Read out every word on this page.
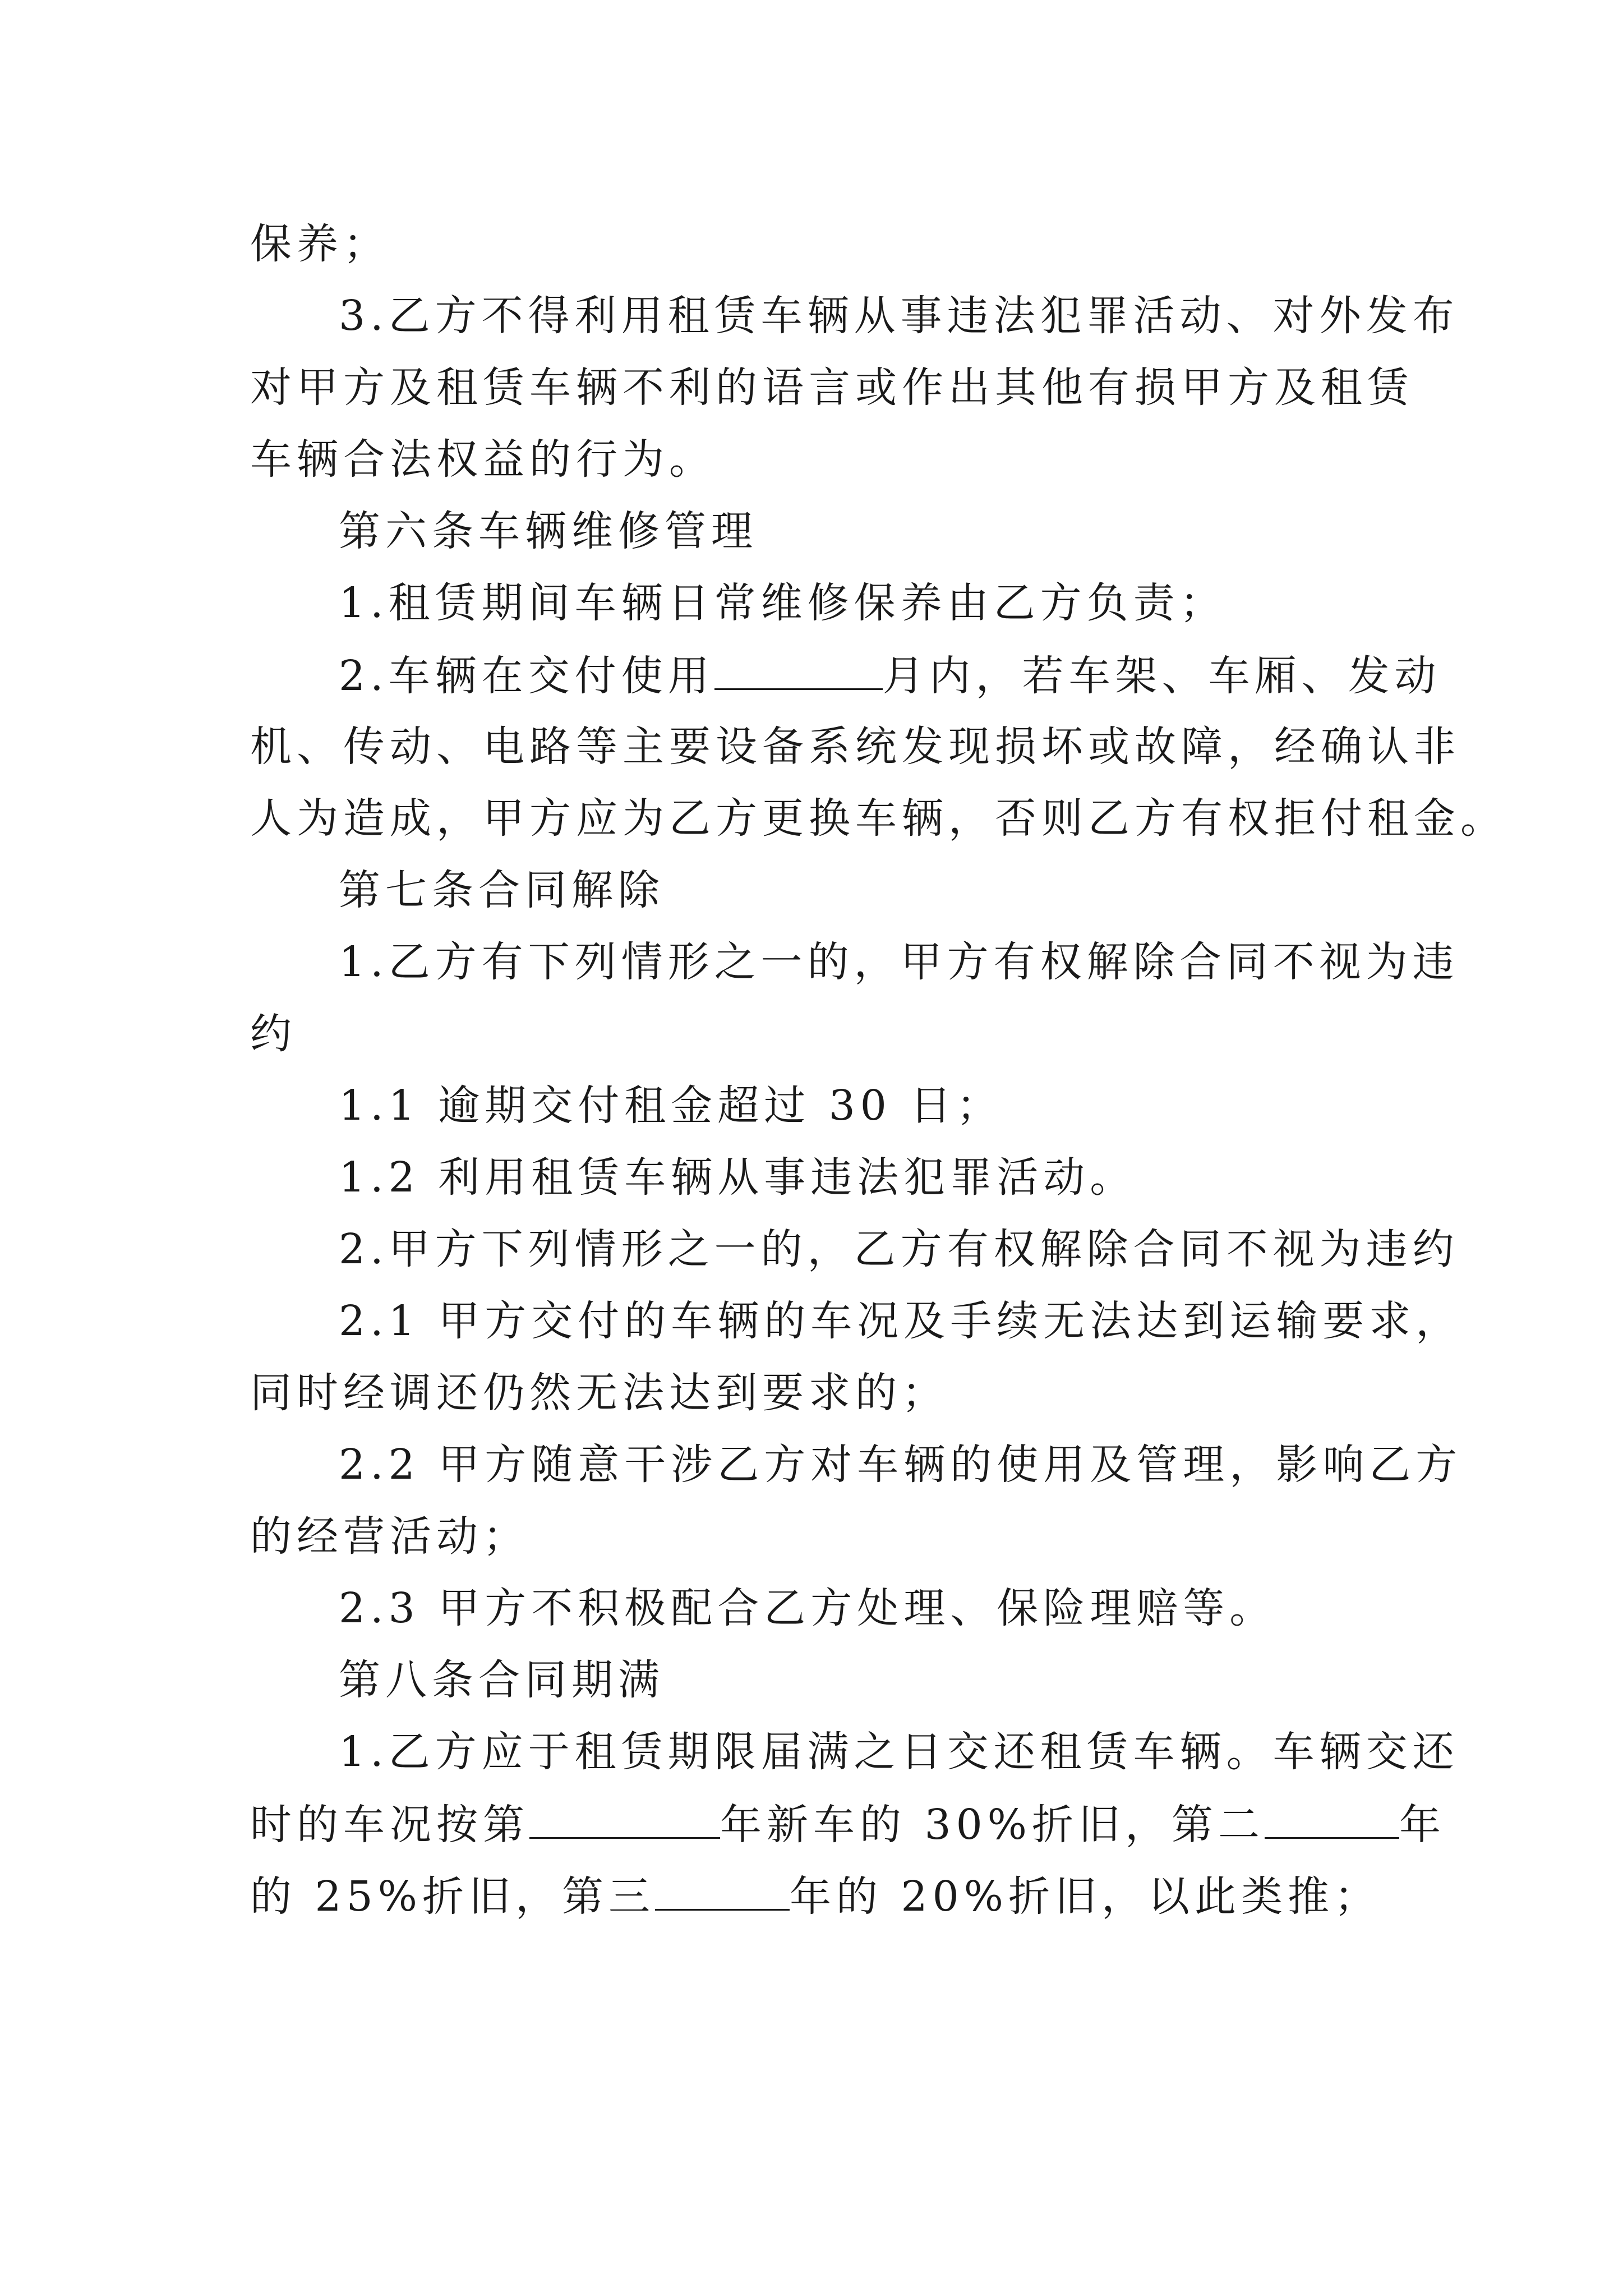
保养；
3.乙方不得利用租赁车辆从事违法犯罪活动、对外发布
对甲方及租赁车辆不利的语言或作出其他有损甲方及租赁
车辆合法权益的行为。
第六条车辆维修管理
1.租赁期间车辆日常维修保养由乙方负责；
2.车辆在交付使用	月内，若车架、车厢、发动
机、传动、电路等主要设备系统发现损坏或故障，经确认非
人为造成，甲方应为乙方更换车辆，否则乙方有权拒付租金。
第七条合同解除
1.乙方有下列情形之一的，甲方有权解除合同不视为违
约
1.1 逾期交付租金超过 30 日；
1.2 利用租赁车辆从事违法犯罪活动。
2.甲方下列情形之一的，乙方有权解除合同不视为违约
2.1 甲方交付的车辆的车况及手续无法达到运输要求，
同时经调还仍然无法达到要求的；
2.2 甲方随意干涉乙方对车辆的使用及管理，影响乙方
的经营活动；
2.3 甲方不积极配合乙方处理、保险理赔等。
第八条合同期满
1.乙方应于租赁期限届满之日交还租赁车辆。车辆交还
时的车况按第	年新车的 30%折旧，第二	年
的 25%折旧，第三	年的 20%折旧，以此类推；
